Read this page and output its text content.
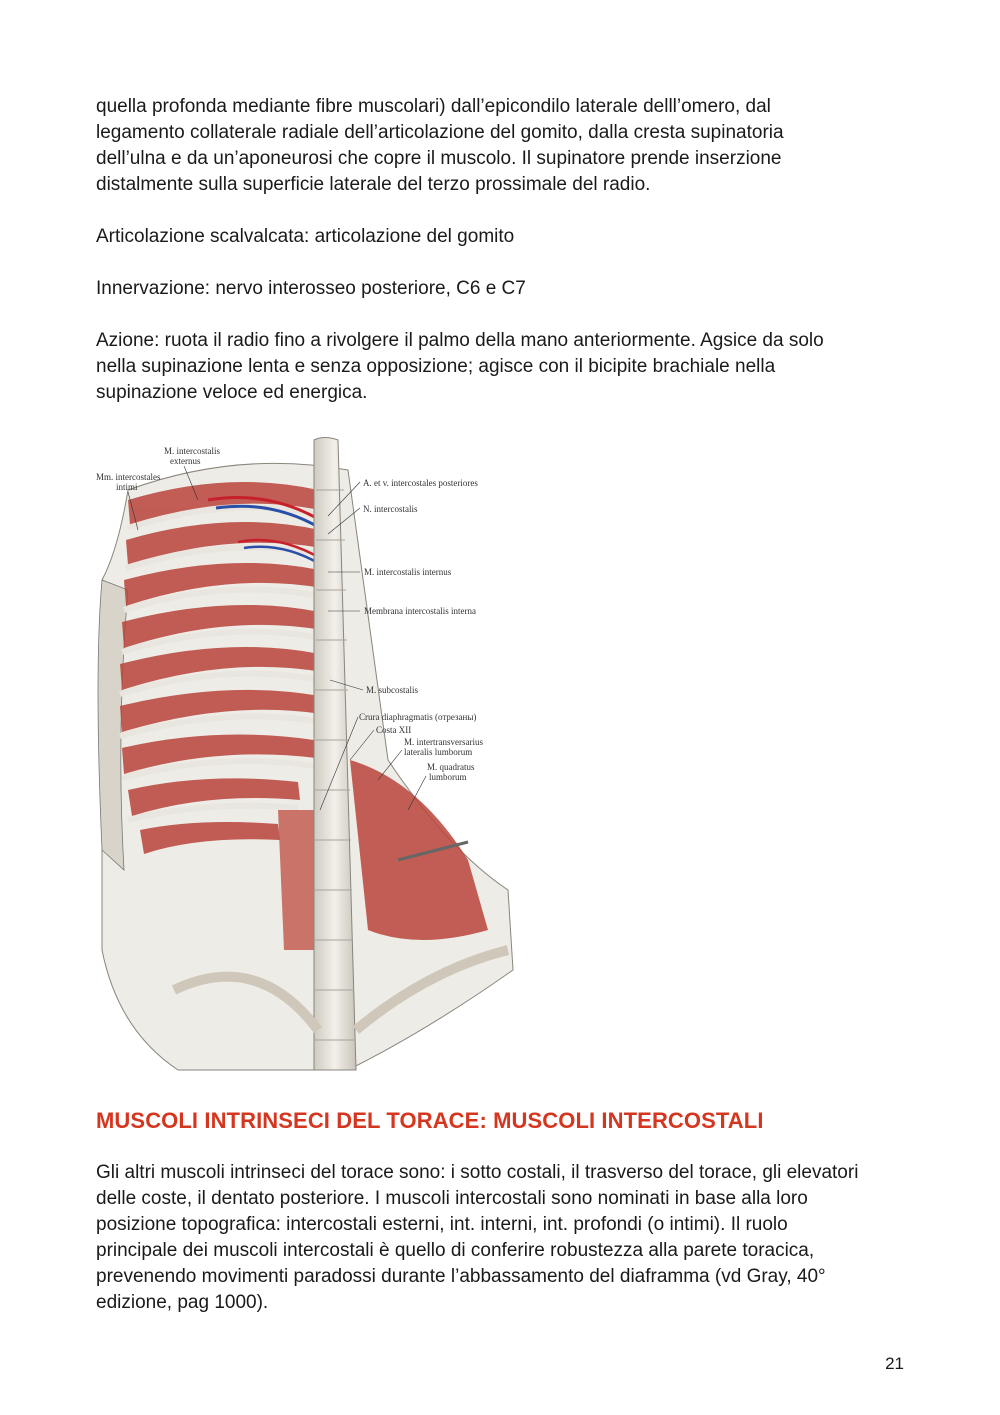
quella profonda mediante fibre muscolari) dall’epicondilo laterale delll’omero, dal
legamento collaterale radiale dell’articolazione del gomito, dalla cresta supinatoria
dell’ulna e da un’aponeurosi che copre il muscolo. Il supinatore prende inserzione
distalmente sulla superficie laterale del terzo prossimale del radio.

Articolazione scalvalcata: articolazione del gomito

Innervazione: nervo interosseo posteriore, C6 e C7

Azione: ruota il radio fino a rivolgere il palmo della mano anteriormente. Agsice da solo
nella supinazione lenta e senza opposizione; agisce con il bicipite brachiale nella
supinazione veloce ed energica.
M. intercostalis
externus
Mm. intercostales
intimi	A. et v. intercostales posteriores
N. intercostalis
M. intercostalis internus
Membrana intercostalis interna
M. subcostalis
Crura diaphragmatis (отрезаны)
Costa XII
M. intertransversarius
lateralis lumborum
M. quadratus
lumborum
MUSCOLI INTRINSECI DEL TORACE: MUSCOLI INTERCOSTALI
Gli altri muscoli intrinseci del torace sono: i sotto costali, il trasverso del torace, gli elevatori
delle coste, il dentato posteriore. I muscoli intercostali sono nominati in base alla loro
posizione topografica: intercostali esterni, int. interni, int. profondi (o intimi). Il ruolo
principale dei muscoli intercostali è quello di conferire robustezza alla parete toracica,
prevenendo movimenti paradossi durante l’abbassamento del diaframma (vd Gray, 40°
edizione, pag 1000).
21
